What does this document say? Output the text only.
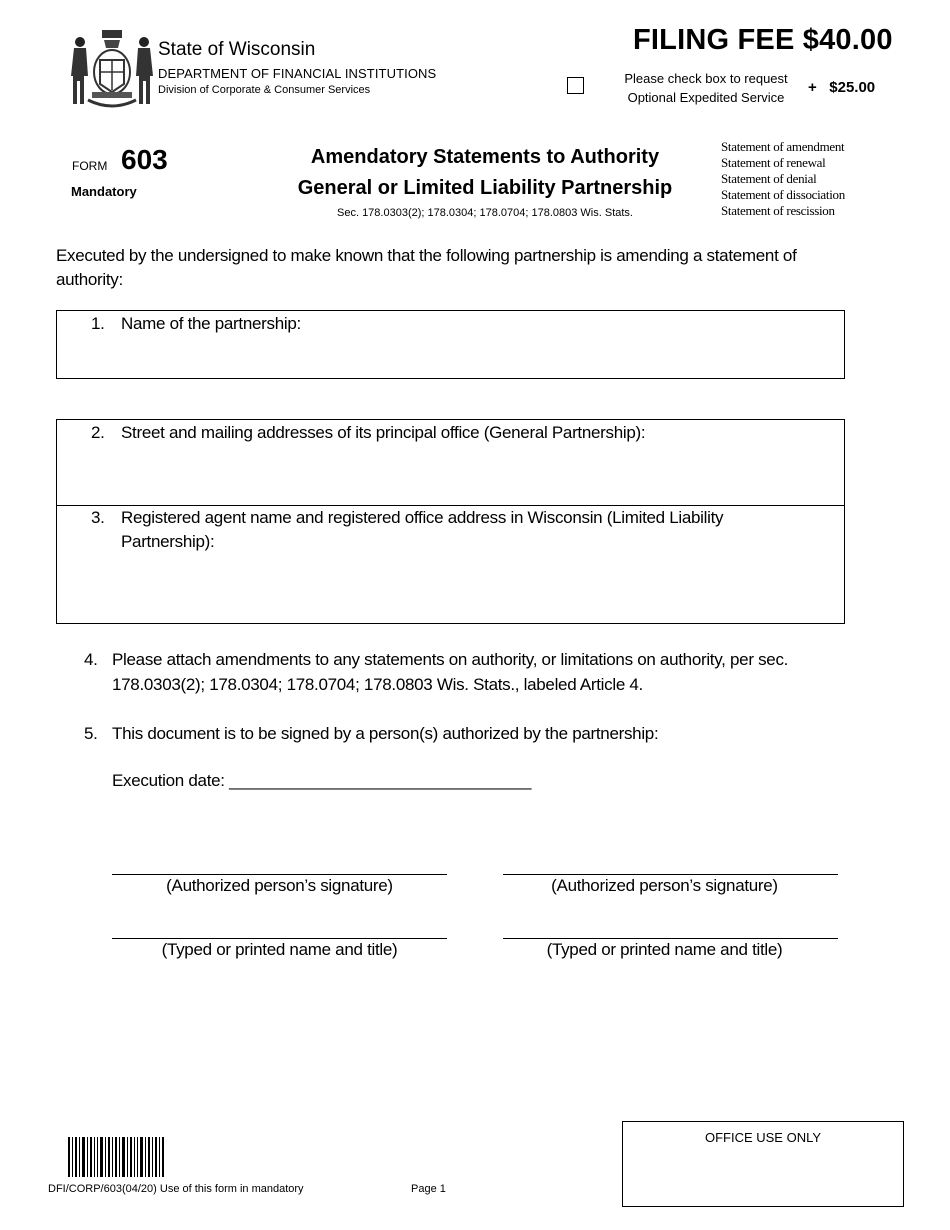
State of Wisconsin
DEPARTMENT OF FINANCIAL INSTITUTIONS
Division of Corporate & Consumer Services
FILING FEE $40.00
Please check box to request
Optional Expedited Service
+   $25.00
FORM 603
Mandatory
Amendatory Statements to Authority
General or Limited Liability Partnership
Sec. 178.0303(2); 178.0304; 178.0704; 178.0803 Wis. Stats.
Statement of amendment
Statement of renewal
Statement of denial
Statement of dissociation
Statement of rescission
Executed by the undersigned to make known that the following partnership is amending a statement of authority:
1. Name of the partnership:
2. Street and mailing addresses of its principal office (General Partnership):
3. Registered agent name and registered office address in Wisconsin (Limited Liability
Partnership):
4. Please attach amendments to any statements on authority, or limitations on authority, per sec.
178.0303(2); 178.0304; 178.0704; 178.0803 Wis. Stats., labeled Article 4.
5. This document is to be signed by a person(s) authorized by the partnership:
Execution date: _________________________________
(Authorized person’s signature)
(Typed or printed name and title)
(Authorized person’s signature)
(Typed or printed name and title)
DFI/CORP/603(04/20) Use of this form in mandatory	Page 1
OFFICE USE ONLY
